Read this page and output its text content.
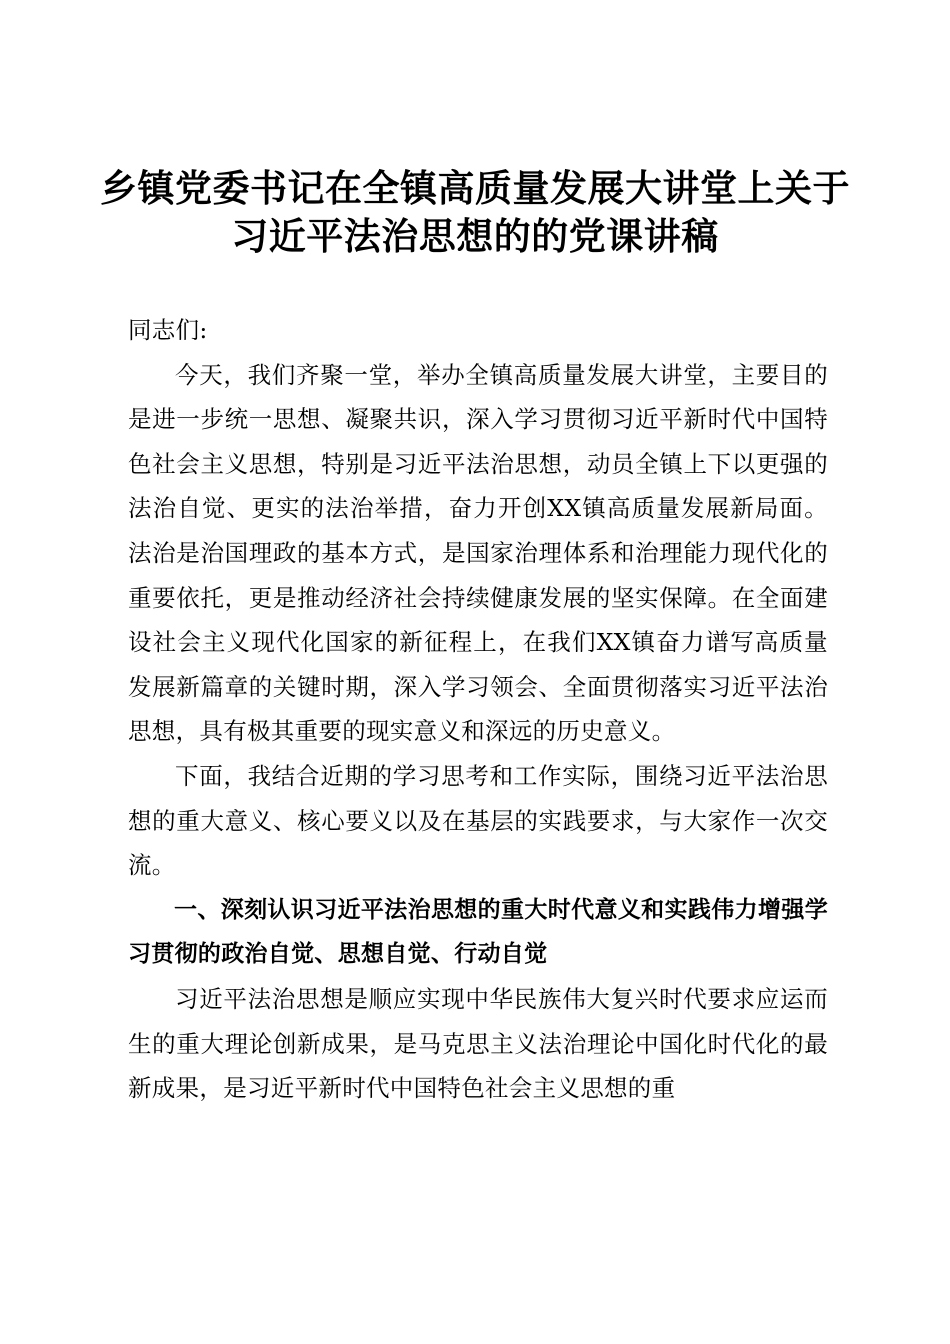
乡镇党委书记在全镇高质量发展大讲堂上关于
习近平法治思想的的党课讲稿

同志们:

今天，我们齐聚一堂，举办全镇高质量发展大讲堂，主要目的是进一步统一思想、凝聚共识，深入学习贯彻习近平新时代中国特色社会主义思想，特别是习近平法治思想，动员全镇上下以更强的法治自觉、更实的法治举措，奋力开创XX镇高质量发展新局面。法治是治国理政的基本方式，是国家治理体系和治理能力现代化的重要依托，更是推动经济社会持续健康发展的坚实保障。在全面建设社会主义现代化国家的新征程上，在我们XX镇奋力谱写高质量发展新篇章的关键时期，深入学习领会、全面贯彻落实习近平法治思想，具有极其重要的现实意义和深远的历史意义。

下面，我结合近期的学习思考和工作实际，围绕习近平法治思想的重大意义、核心要义以及在基层的实践要求，与大家作一次交流。

一、深刻认识习近平法治思想的重大时代意义和实践伟力增强学习贯彻的政治自觉、思想自觉、行动自觉

习近平法治思想是顺应实现中华民族伟大复兴时代要求应运而生的重大理论创新成果，是马克思主义法治理论中国化时代化的最新成果，是习近平新时代中国特色社会主义思想的重
